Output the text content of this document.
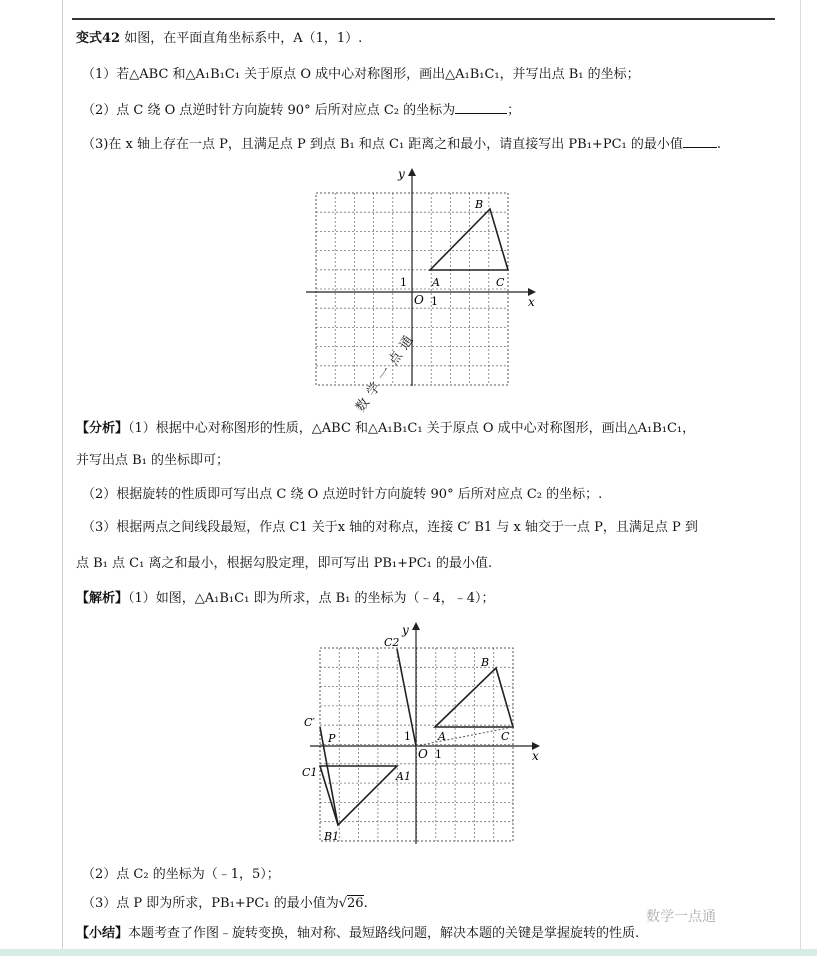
变式42 如图，在平面直角坐标系中，A（1，1）.
（1）若△ABC 和△A₁B₁C₁ 关于原点 O 成中心对称图形，画出△A₁B₁C₁，并写出点 B₁ 的坐标；
（2）点 C 绕 O 点逆时针方向旋转 90° 后所对应点 C₂ 的坐标为	；
（3)在 x 轴上存在一点 P，且满足点 P 到点 B₁ 和点 C₁ 距离之和最小，请直接写出 PB₁+PC₁ 的最小值	.
y
x
O
A
B
C
1
1
【分析】（1）根据中心对称图形的性质，△ABC 和△A₁B₁C₁ 关于原点 O 成中心对称图形，画出△A₁B₁C₁，
并写出点 B₁ 的坐标即可；
（2）根据旋转的性质即可写出点 C 绕 O 点逆时针方向旋转 90° 后所对应点 C₂ 的坐标；.
（3）根据两点之间线段最短，作点 C1 关于x 轴的对称点，连接 C′ B1 与 x 轴交于一点 P，且满足点 P 到
点 B₁ 点 C₁ 离之和最小，根据勾股定理，即可写出 PB₁+PC₁ 的最小值.
数学一点通
【解析】（1）如图，△A₁B₁C₁ 即为所求，点 B₁ 的坐标为（﹣4，﹣4）；
y
x
O
A
B
C
A1
B1
C1
C2
C′
P
1
1
（2）点 C₂ 的坐标为（﹣1，5）；
（3）点 P 即为所求，PB₁+PC₁ 的最小值为√26.
【小结】本题考查了作图﹣旋转变换，轴对称、最短路线问题，解决本题的关键是掌握旋转的性质.
数学一点通
